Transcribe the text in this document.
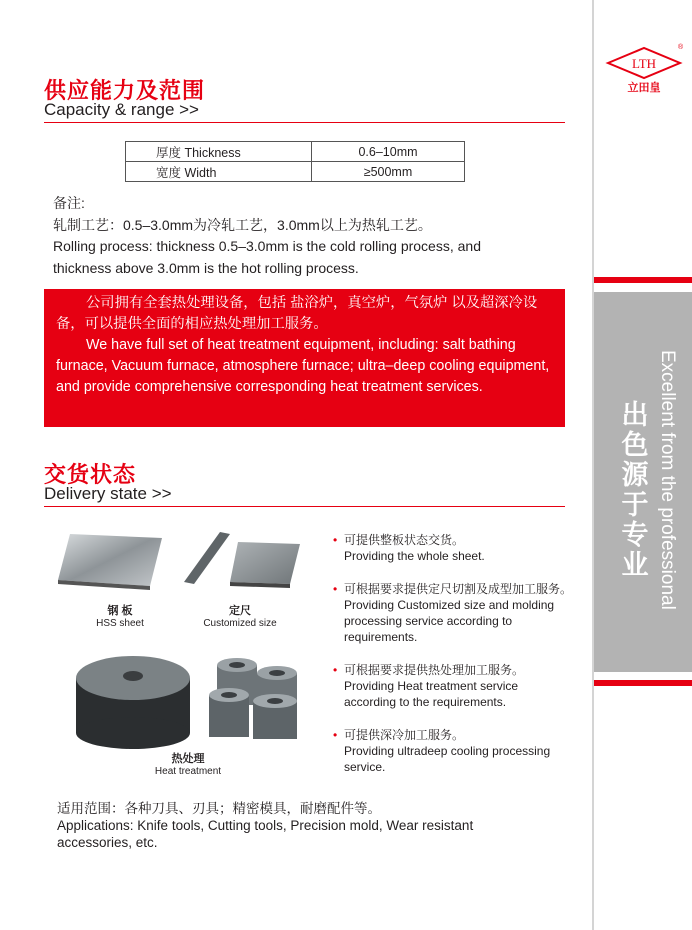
LTH
®
立田皇
出色源于专业 Excellent from the professional
供应能力及范围
Capacity & range >>
厚度 Thickness	0.6–10mm
宽度 Width	≥500mm
备注:
轧制工艺：0.5–3.0mm为冷轧工艺，3.0mm以上为热轧工艺。
Rolling process: thickness 0.5–3.0mm is the cold rolling process, and thickness above 3.0mm is the hot rolling process.
公司拥有全套热处理设备，包括 盐浴炉，真空炉，气氛炉 以及超深冷设备，可以提供全面的相应热处理加工服务。
We have full set of heat treatment equipment, including: salt bathing furnace, Vacuum furnace, atmosphere furnace; ultra–deep cooling equipment, and provide comprehensive corresponding heat treatment services.
交货状态
Delivery state >>
钢 板
HSS sheet
定尺
Customized size
热处理
Heat treatment
• 可提供整板状态交货。
Providing the whole sheet.
• 可根据要求提供定尺切割及成型加工服务。
Providing Customized size and molding processing service according to requirements.
• 可根据要求提供热处理加工服务。
Providing Heat treatment service according to the requirements.
• 可提供深冷加工服务。
Providing ultradeep cooling processing service.
适用范围：各种刀具、刃具；精密模具，耐磨配件等。
Applications: Knife tools, Cutting tools, Precision mold, Wear resistant accessories, etc.
